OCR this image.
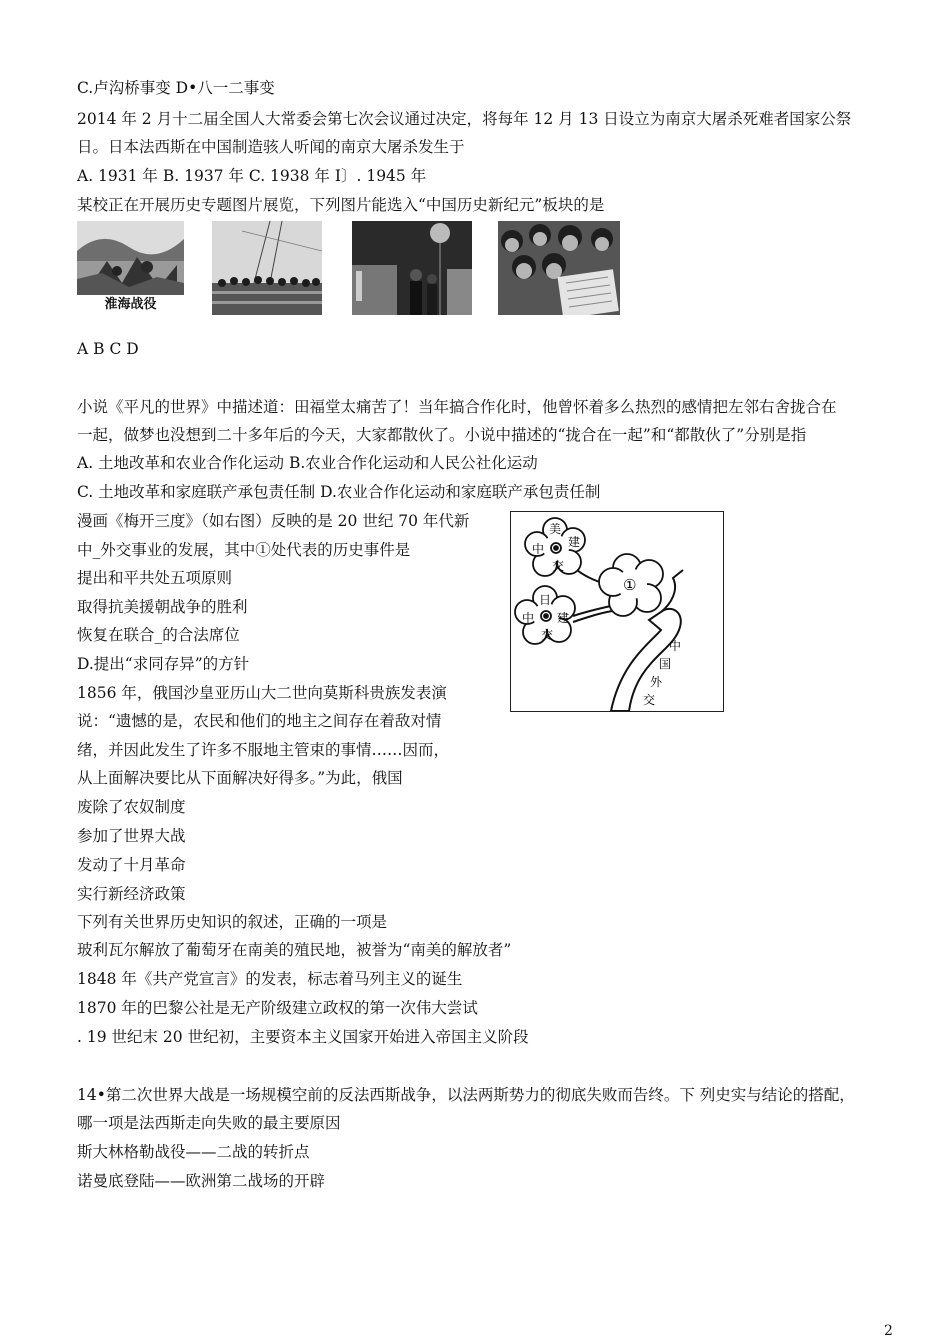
C.卢沟桥事变 D•八一二事变
2014 年 2 月十二届全国人大常委会第七次会议通过决定，将每年 12 月 13 日设立为南京大屠杀死难者国家公祭
日。日本法西斯在中国制造骇人听闻的南京大屠杀发生于
A. 1931 年 B. 1937 年 C. 1938 年 I〕. 1945 年
某校正在开展历史专题图片展览，下列图片能选入“中国历史新纪元”板块的是
淮海战役
A B C D
小说《平凡的世界》中描述道：田福堂太痛苦了！当年搞合作化时，他曾怀着多么热烈的感情把左邻右舍拢合在
一起，做梦也没想到二十多年后的今天，大家都散伙了。小说中描述的“拢合在一起”和“都散伙了”分别是指
A. 土地改革和农业合作化运动 B.农业合作化运动和人民公社化运动
C. 土地改革和家庭联产承包责任制 D.农业合作化运动和家庭联产承包责任制
漫画《梅开三度》（如右图）反映的是 20 世纪 70 年代新
中_外交事业的发展，其中①处代表的历史事件是
提出和平共处五项原则
取得抗美援朝战争的胜利
恢复在联合_的合法席位
D.提出“求同存异”的方针
1856 年，俄国沙皇亚历山大二世向莫斯科贵族发表演
说：“遗憾的是，农民和他们的地主之间存在着敌对情
绪，并因此发生了许多不服地主管束的事情……因而，
从上面解决要比从下面解决好得多。”为此，俄国
废除了农奴制度
参加了世界大战
发动了十月革命
实行新经济政策
下列有关世界历史知识的叙述，正确的一项是
玻利瓦尔解放了葡萄牙在南美的殖民地，被誉为“南美的解放者”
1848 年《共产党宣言》的发表，标志着马列主义的诞生
1870 年的巴黎公社是无产阶级建立政权的第一次伟大尝试
. 19 世纪末 20 世纪初，主要资本主义国家开始进入帝国主义阶段
14•第二次世界大战是一场规模空前的反法西斯战争，以法两斯势力的彻底失败而告终。下 列史实与结论的搭配，
哪一项是法西斯走向失败的最主要原因
斯大林格勒战役——二战的转折点
诺曼底登陆——欧洲第二战场的开辟
美
建
中
交
①
日
建
中
交
中
国
外
交
2
